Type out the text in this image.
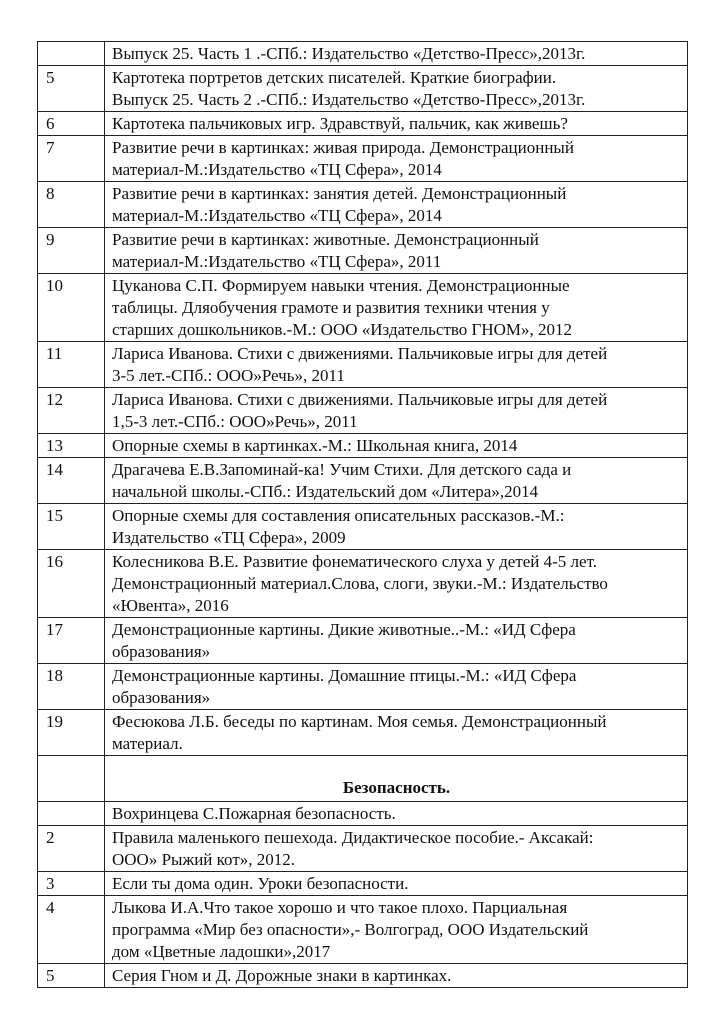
	Выпуск 25. Часть 1 .-СПб.: Издательство «Детство-Пресс»,2013г.
5	Картотека портретов детских писателей. Краткие биографии.
Выпуск 25. Часть 2 .-СПб.: Издательство «Детство-Пресс»,2013г.
6	Картотека пальчиковых игр. Здравствуй, пальчик, как живешь?
7	Развитие речи в картинках: живая природа. Демонстрационный
материал-М.:Издательство «ТЦ Сфера», 2014
8	Развитие речи в картинках: занятия детей. Демонстрационный
материал-М.:Издательство «ТЦ Сфера», 2014
9	Развитие речи в картинках: животные. Демонстрационный
материал-М.:Издательство «ТЦ Сфера», 2011
10	Цуканова С.П. Формируем навыки чтения. Демонстрационные
таблицы. Дляобучения грамоте и развития техники чтения у
старших дошкольников.-М.: ООО «Издательство ГНОМ», 2012
11	Лариса Иванова. Стихи с движениями. Пальчиковые игры для детей
3-5 лет.-СПб.: ООО»Речь», 2011
12	Лариса Иванова. Стихи с движениями. Пальчиковые игры для детей
1,5-3 лет.-СПб.: ООО»Речь», 2011
13	Опорные схемы в картинках.-М.: Школьная книга, 2014
14	Драгачева Е.В.Запоминай-ка! Учим Стихи. Для детского сада и
начальной школы.-СПб.: Издательский дом «Литера»,2014
15	Опорные схемы для составления описательных рассказов.-М.:
Издательство «ТЦ Сфера», 2009
16	Колесникова В.Е. Развитие фонематического слуха у детей 4-5 лет.
Демонстрационный материал.Слова, слоги, звуки.-М.: Издательство
«Ювента», 2016
17	Демонстрационные картины. Дикие животные..-М.: «ИД Сфера
образования»
18	Демонстрационные картины. Домашние птицы.-М.: «ИД Сфера
образования»
19	Фесюкова Л.Б. беседы по картинам. Моя семья. Демонстрационный
материал.
	Безопасность.
	Вохринцева С.Пожарная безопасность.
2	Правила маленького пешехода. Дидактическое пособие.- Аксакай:
ООО» Рыжий кот», 2012.
3	Если ты дома один. Уроки безопасности.
4	Лыкова И.А.Что такое хорошо и что такое плохо. Парциальная
программа «Мир без опасности»,- Волгоград, ООО Издательский
дом «Цветные ладошки»,2017
5	Серия Гном и Д. Дорожные знаки в картинках.
